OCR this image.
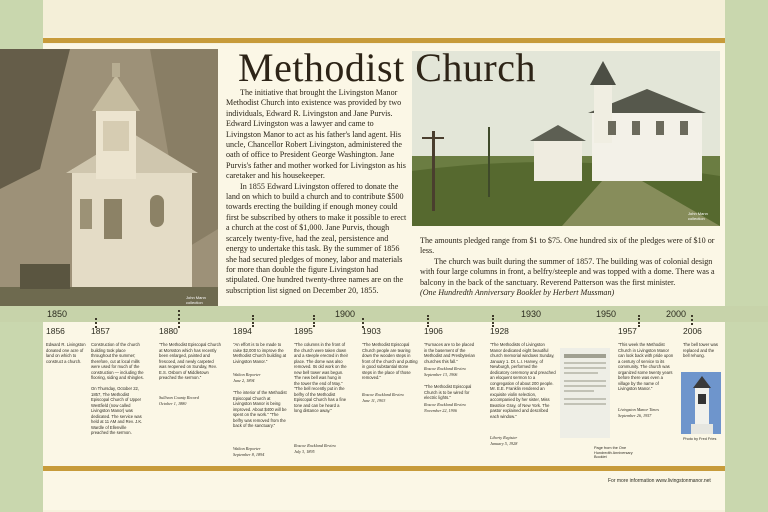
John Mann collection
John Mann collection
Methodist Church

The initiative that brought the Livingston Manor Methodist Church into existence was provided by two individuals, Edward R. Livingston and Jane Purvis. Edward Livingston was a lawyer and came to Livingston Manor to act as his father's land agent. His uncle, Chancellor Robert Livingston, administered the oath of office to President George Washington. Jane Purvis's father and mother worked for Livingston as his caretaker and his housekeeper.

In 1855 Edward Livingston offered to donate the land on which to build a church and to contribute $500 towards erecting the building if enough money could first be subscribed by others to make it possible to erect a church at the cost of $1,000. Jane Purvis, though scarcely twenty-five, had the zeal, persistence and energy to undertake this task. By the summer of 1856 she had secured pledges of money, labor and materials for more than double the figure Livingston had stipulated. One hundred twenty-three names are on the subscription list signed on December 20, 1855.

The amounts pledged range from $1 to $75. One hundred six of the pledges were of $10 or less.

The church was built during the summer of 1857. The building was of colonial design with four large columns in front, a belfry/steeple and was topped with a dome. There was a balcony in the back of the sanctuary. Reverend Patterson was the first minister.

(One Hundredth Anniversary Booklet by Herbert Mussman)

1850	1900	1930	1950	2000
1856
Edward R. Livingston donated one acre of land on which to construct a church.
1857
Construction of the church building took place throughout the summer; therefore, cut at local mills were used for much of the construction — including the flooring, siding and shingles.

On Thursday, October 22, 1857, The Methodist Episcopal Church of Upper Westfield (now called Livingston Manor) was dedicated. The service was held at 11 AM and Rev. J.K. Wardle of Ellenville preached the sermon.
1880
"The Methodist Episcopal Church at Morsston which has recently been enlarged, painted and frescoed, and newly carpeted was reopened on Sunday, Rev. E.S. Osborn of Middletown preached the sermon."
Sullivan County Record
October 1, 1880
1894
"An effort is to be made to raise $2,000 to improve the Methodist Church building at Livingston Manor."
Walton Reporter
June 2, 1894
"The interior of the Methodist Episcopal Church at Livingston Manor is being improved. About $400 will be spent on the work." "The belfry was removed from the back of the sanctuary."
Walton Reporter
September 8, 1894
1895
"The columns in the front of the church were taken down and a steeple erected in their place. The dome was also removed. Its old work on the new bell tower was begun. The new bell was hung in the tower the end of May." "The bell recently put in the belfry of the Methodist Episcopal Church has a fine tone and can be heard a long distance away."
Roscoe Rockland Review
July 3, 1895
1903
"The Methodist Episcopal Church people are tearing down the wooden steps in front of the church and putting in good substantial stone steps in the place of those removed."
Roscoe Rockland Review
June 11, 1903
1906
"Furnaces are to be placed in the basement of the Methodist and Presbyterian churches this fall."
Roscoe Rockland Review
September 13, 1906
"The Methodist Episcopal Church is to be wired for electric lights."
Roscoe Rockland Review
November 22, 1906
1928
"The Methodists of Livingston Manor dedicated eight beautiful church memorial windows Sunday, January 1. Dr. L.I. Harvey, of Newburgh, performed the dedicatory ceremony and preached an eloquent sermon to a congregation of about 200 people. Mr. E.E. Franklin rendered an exquisite violin selection, accompanied by her sister, Miss Beatrice Gray, of New York. The pastor explained and described each window."
Liberty Register
January 5, 1928
Page from the One Hundredth Anniversary Booklet
1957
"This week the Methodist Church in Livingston Manor can look back with pride upon a century of service to its community. The church was organized some twenty years before there was even a village by the name of Livingston Manor."
Livingston Manor Times
September 26, 1957
2006
The bell tower was replaced and the bell rehung.
Photo by Fred Fries
For more information www.livingstonmanor.net
